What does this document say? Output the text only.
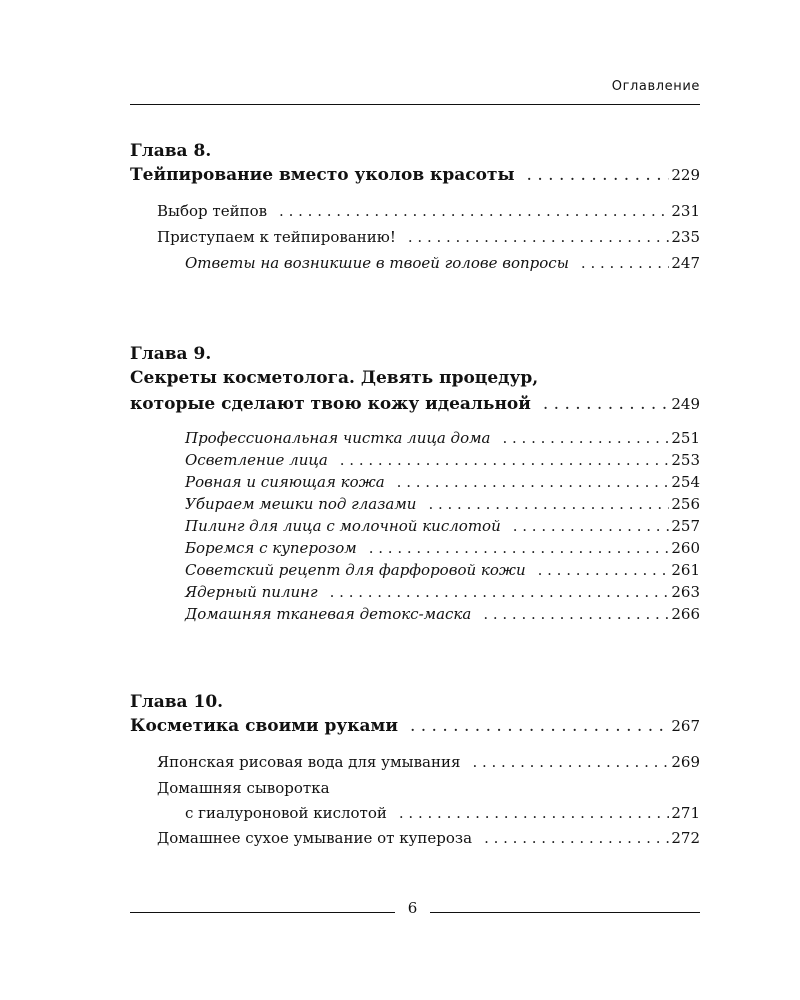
Оглавление
Глава 8.
Тейпирование вместо уколов красоты . . .	229
Выбор тейпов . . .	231
Приступаем к тейпированию! . . .	235
Ответы на возникшие в твоей голове вопросы . . .	247
Глава 9.
Секреты косметолога. Девять процедур,
которые сделают твою кожу идеальной . . .	249
Профессиональная чистка лица дома . . .	251
Осветление лица . . .	253
Ровная и сияющая кожа . . .	254
Убираем мешки под глазами . . .	256
Пилинг для лица с молочной кислотой . . .	257
Боремся с куперозом . . .	260
Советский рецепт для фарфоровой кожи . . .	261
Ядерный пилинг . . .	263
Домашняя тканевая детокс-маска . . .	266
Глава 10.
Косметика своими руками . . .	267
Японская рисовая вода для умывания . . .	269
Домашняя сыворотка
с гиалуроновой кислотой . . .	271
Домашнее сухое умывание от купероза . . .	272
6
